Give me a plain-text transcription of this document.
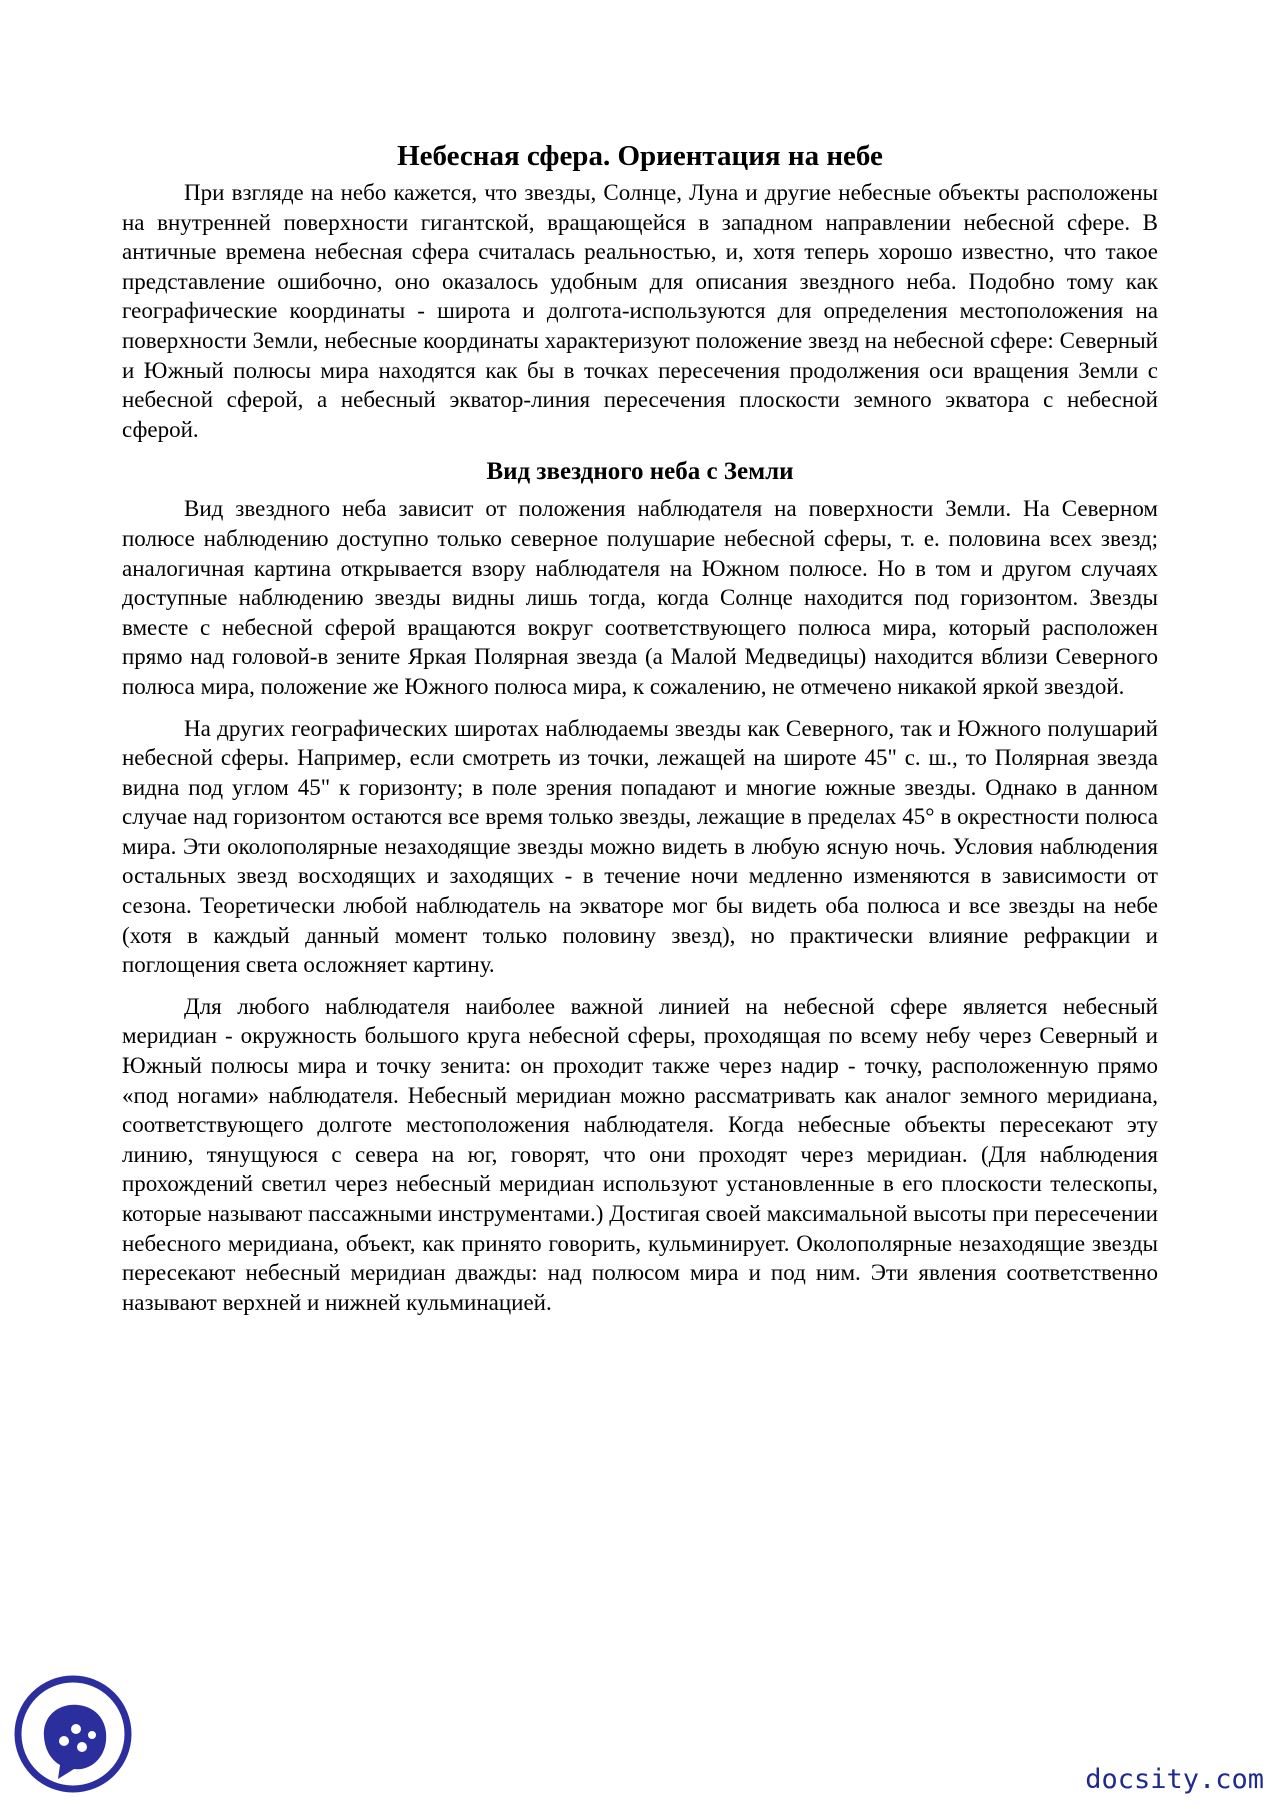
Небесная сфера. Ориентация на небе

При взгляде на небо кажется, что звезды, Солнце, Луна и другие небесные объекты расположены на внутренней поверхности гигантской, вращающейся в западном направлении небесной сфере. В античные времена небесная сфера считалась реальностью, и, хотя теперь хорошо известно, что такое представление ошибочно, оно оказалось удобным для описания звездного неба. Подобно тому как географические координаты - широта и долгота-используются для определения местоположения на поверхности Земли, небесные координаты характеризуют положение звезд на небесной сфере: Северный и Южный полюсы мира находятся как бы в точках пересечения продолжения оси вращения Земли с небесной сферой, а небесный экватор-линия пересечения плоскости земного экватора с небесной сферой.

Вид звездного неба с Земли

Вид звездного неба зависит от положения наблюдателя на поверхности Земли. На Северном полюсе наблюдению доступно только северное полушарие небесной сферы, т. е. половина всех звезд; аналогичная картина открывается взору наблюдателя на Южном полюсе. Но в том и другом случаях доступные наблюдению звезды видны лишь тогда, когда Солнце находится под горизонтом. Звезды вместе с небесной сферой вращаются вокруг соответствующего полюса мира, который расположен прямо над головой-в зените Яркая Полярная звезда (а Малой Медведицы) находится вблизи Северного полюса мира, положение же Южного полюса мира, к сожалению, не отмечено никакой яркой звездой.

На других географических широтах наблюдаемы звезды как Северного, так и Южного полушарий небесной сферы. Например, если смотреть из точки, лежащей на широте 45" с. ш., то Полярная звезда видна под углом 45" к горизонту; в поле зрения попадают и многие южные звезды. Однако в данном случае над горизонтом остаются все время только звезды, лежащие в пределах 45° в окрестности полюса мира. Эти околополярные незаходящие звезды можно видеть в любую ясную ночь. Условия наблюдения остальных звезд восходящих и заходящих - в течение ночи медленно изменяются в зависимости от сезона. Теоретически любой наблюдатель на экваторе мог бы видеть оба полюса и все звезды на небе (хотя в каждый данный момент только половину звезд), но практически влияние рефракции и поглощения света осложняет картину.

Для любого наблюдателя наиболее важной линией на небесной сфере является небесный меридиан - окружность большого круга небесной сферы, проходящая по всему небу через Северный и Южный полюсы мира и точку зенита: он проходит также через надир - точку, расположенную прямо «под ногами» наблюдателя. Небесный меридиан можно рассматривать как аналог земного меридиана, соответствующего долготе местоположения наблюдателя. Когда небесные объекты пересекают эту линию, тянущуюся с севера на юг, говорят, что они проходят через меридиан. (Для наблюдения прохождений светил через небесный меридиан используют установленные в его плоскости телескопы, которые называют пассажными инструментами.) Достигая своей максимальной высоты при пересечении небесного меридиана, объект, как принято говорить, кульминирует. Околополярные незаходящие звезды пересекают небесный меридиан дважды: над полюсом мира и под ним. Эти явления соответственно называют верхней и нижней кульминацией.

docsity.com
